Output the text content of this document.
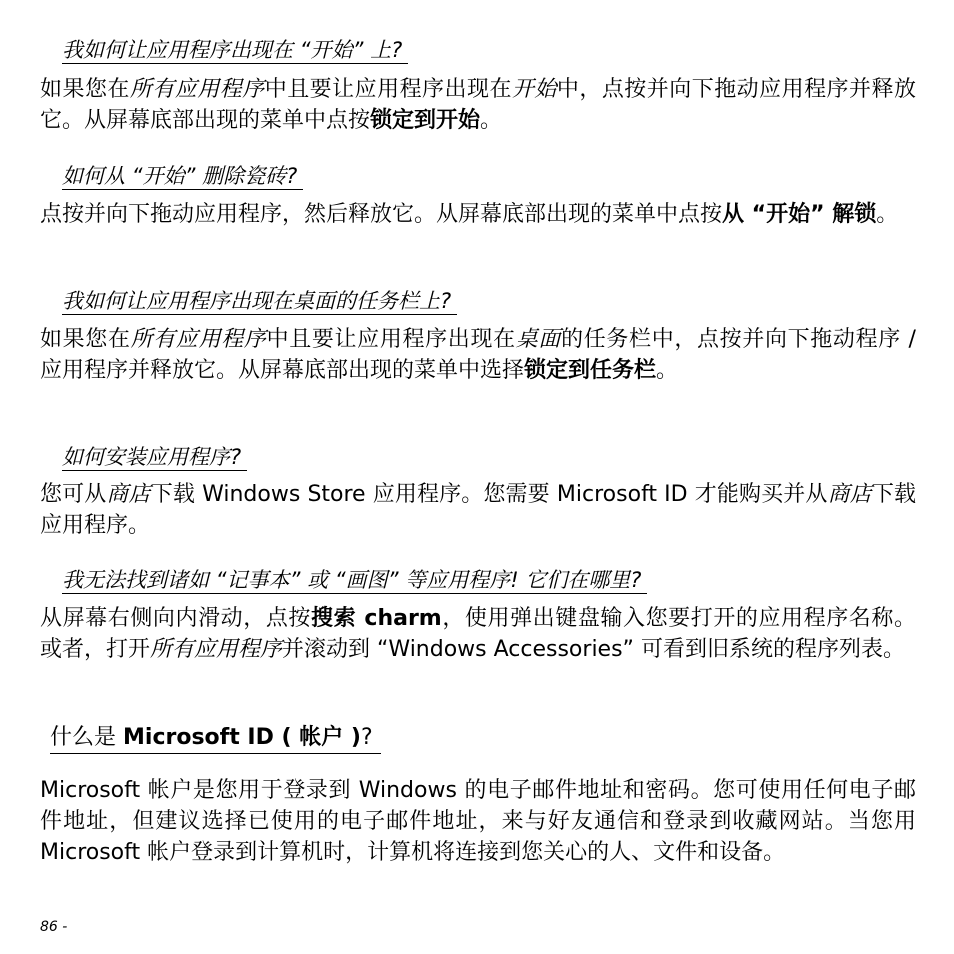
我如何让应用程序出现在 “开始” 上?
如果您在所有应用程序中且要让应用程序出现在开始中，点按并向下拖动应用程序并释放它。从屏幕底部出现的菜单中点按锁定到开始。
如何从 “开始” 删除瓷砖?
点按并向下拖动应用程序，然后释放它。从屏幕底部出现的菜单中点按从 “开始” 解锁。
我如何让应用程序出现在桌面的任务栏上?
如果您在所有应用程序中且要让应用程序出现在桌面的任务栏中，点按并向下拖动程序 / 应用程序并释放它。从屏幕底部出现的菜单中选择锁定到任务栏。
如何安装应用程序?
您可从商店下载 Windows Store 应用程序。您需要 Microsoft ID 才能购买并从商店下载应用程序。
我无法找到诸如 “记事本” 或 “画图” 等应用程序! 它们在哪里?
从屏幕右侧向内滑动，点按搜索 charm，使用弹出键盘输入您要打开的应用程序名称。或者，打开所有应用程序并滚动到 “Windows Accessories” 可看到旧系统的程序列表。
什么是 Microsoft ID ( 帐户 )?
Microsoft 帐户是您用于登录到 Windows 的电子邮件地址和密码。您可使用任何电子邮件地址，但建议选择已使用的电子邮件地址，来与好友通信和登录到收藏网站。当您用 Microsoft 帐户登录到计算机时，计算机将连接到您关心的人、文件和设备。
86 -
